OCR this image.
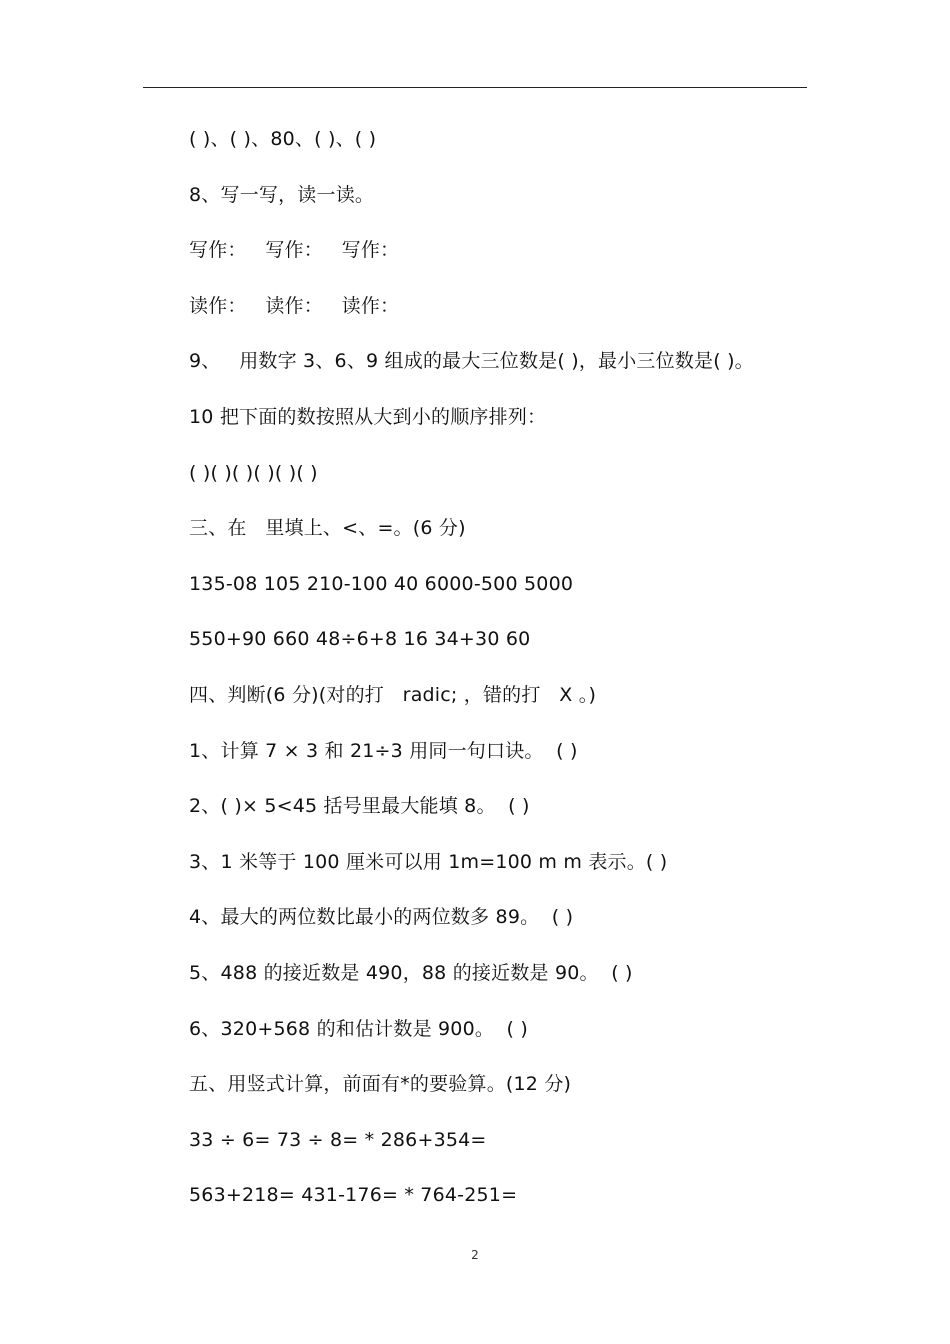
( )、( )、80、( )、( )
8、写一写，读一读。
写作：   写作：   写作：
读作：   读作：   读作：
9、   用数字 3、6、9 组成的最大三位数是( )，最小三位数是( )。
10 把下面的数按照从大到小的顺序排列：
( )( )( )( )( )( )
三、在   里填上、<、=。(6 分)
135-08 105 210-100 40 6000-500 5000
550+90 660 48÷6+8 16 34+30 60
四、判断(6 分)(对的打   radic; ，错的打   X 。)
1、计算 7 × 3 和 21÷3 用同一句口诀。  ( )
2、( )× 5<45 括号里最大能填 8。  ( )
3、1 米等于 100 厘米可以用 1m=100 m m 表示。( )
4、最大的两位数比最小的两位数多 89。  ( )
5、488 的接近数是 490，88 的接近数是 90。  ( )
6、320+568 的和估计数是 900。  ( )
五、用竖式计算，前面有*的要验算。(12 分)
33 ÷ 6= 73 ÷ 8= * 286+354=
563+218= 431-176= * 764-251=
2
